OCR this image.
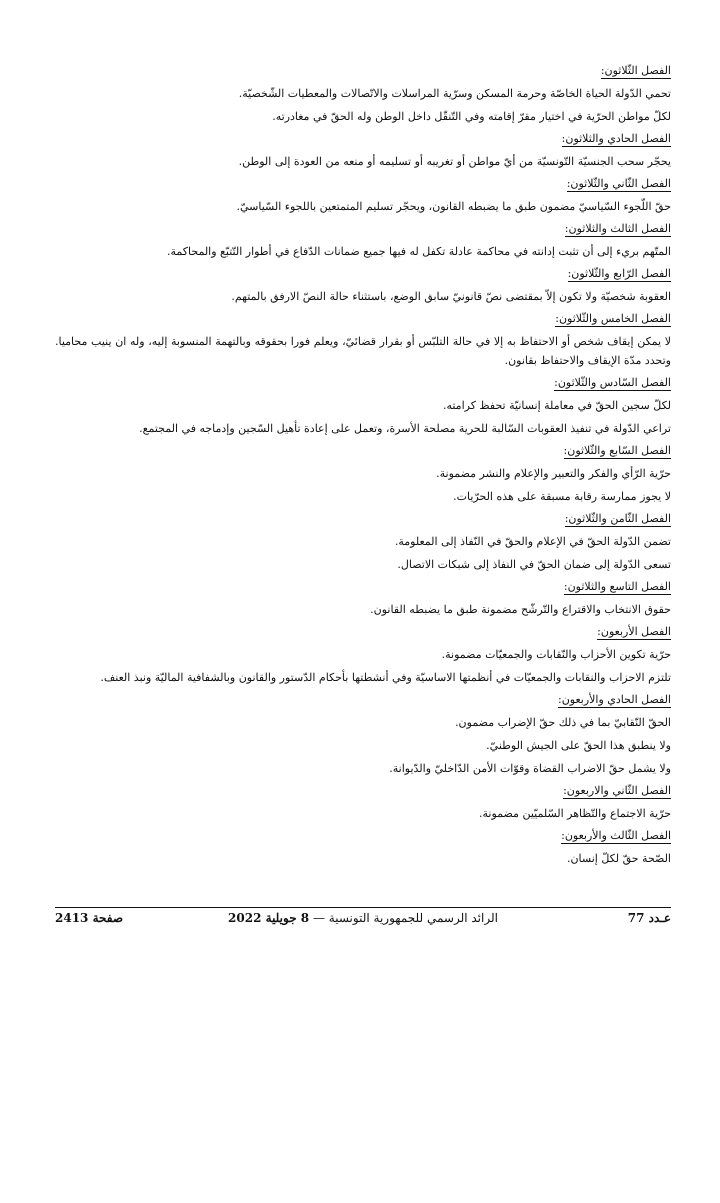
الفصل الثّلاثون:

تحمي الدّولة الحياة الخاصّة وحرمة المسكن وسرّية المراسلات والاتّصالات والمعطيات الشّخصيّة.

لكلّ مواطن الحرّية في اختيار مقرّ إقامته وفي التّنقّل داخل الوطن وله الحقّ في مغادرته.

الفصل الحادي والثلاثون:

يحجّر سحب الجنسيّة التّونسيّة من أيّ مواطن أو تغريبه أو تسليمه أو منعه من العودة إلى الوطن.

الفصل الثّاني والثّلاثون:

حقّ اللّجوء السّياسيّ مضمون طبق ما يضبطه القانون، ويحجّر تسليم المتمتعين باللجوء السّياسيّ.

الفصل الثالث والثلاثون:

المتّهم بريء إلى أن تثبت إدانته في محاكمة عادلة تكفل له فيها جميع ضمانات الدّفاع في أطوار التّتبّع والمحاكمة.

الفصل الرّابع والثّلاثون:

العقوبة شخصيّة ولا تكون إلاّ بمقتضى نصّ قانونيّ سابق الوضع، باستثناء حالة النصّ الارفق بالمتهم.

الفصل الخامس والثّلاثون:

لا يمكن إيقاف شخص أو الاحتفاظ به إلا في حالة التلبّس أو بقرار قضائيّ، ويعلم فورا بحقوقه وبالتهمة المنسوبة إليه، وله ان ينيب محاميا. وتحدد مدّة الإيقاف والاحتفاظ بقانون.

الفصل السّادس والثّلاثون:

لكلّ سجين الحقّ في معاملة إنسانيّة تحفظ كرامته.

تراعي الدّولة في تنفيذ العقوبات السّالبة للحرية مصلحة الأسرة، وتعمل على إعادة تأهيل السّجين وإدماجه في المجتمع.

الفصل السّابع والثّلاثون:

حرّية الرّأي والفكر والتعبير والإعلام والنشر مضمونة.

لا يجوز ممارسة رقابة مسبقة على هذه الحرّيات.

الفصل الثّامن والثّلاثون:

تضمن الدّولة الحقّ في الإعلام والحقّ في النّفاذ إلى المعلومة.

تسعى الدّولة إلى ضمان الحقّ في النفاذ إلى شبكات الاتصال.

الفصل التاسع والثلاثون:

حقوق الانتخاب والاقتراع والتّرشّح مضمونة طبق ما يضبطه القانون.

الفصل الأربعون:

حرّية تكوين الأحزاب والنّقابات والجمعيّات مضمونة.

تلتزم الاحزاب والنقابات والجمعيّات في أنظمتها الاساسيّة وفي أنشطتها بأحكام الدّستور والقانون وبالشفافية الماليّة ونبذ العنف.

الفصل الحادي والأربعون:

الحقّ النّقابيّ بما في ذلك حقّ الإضراب مضمون.

ولا ينطبق هذا الحقّ على الجيش الوطنيّ.

ولا يشمل حقّ الاضراب القضاة وقوّات الأمن الدّاخليّ والدّيوانة.

الفصل الثّاني والاربعون:

حرّية الاجتماع والتّظاهر السّلميّين مضمونة.

الفصل الثّالث والأربعون:

الصّحة حقّ لكلّ إنسان.

عـدد 77
الرائد الرسمي للجمهورية التونسية — 8 جويلية 2022
صفحة 2413
